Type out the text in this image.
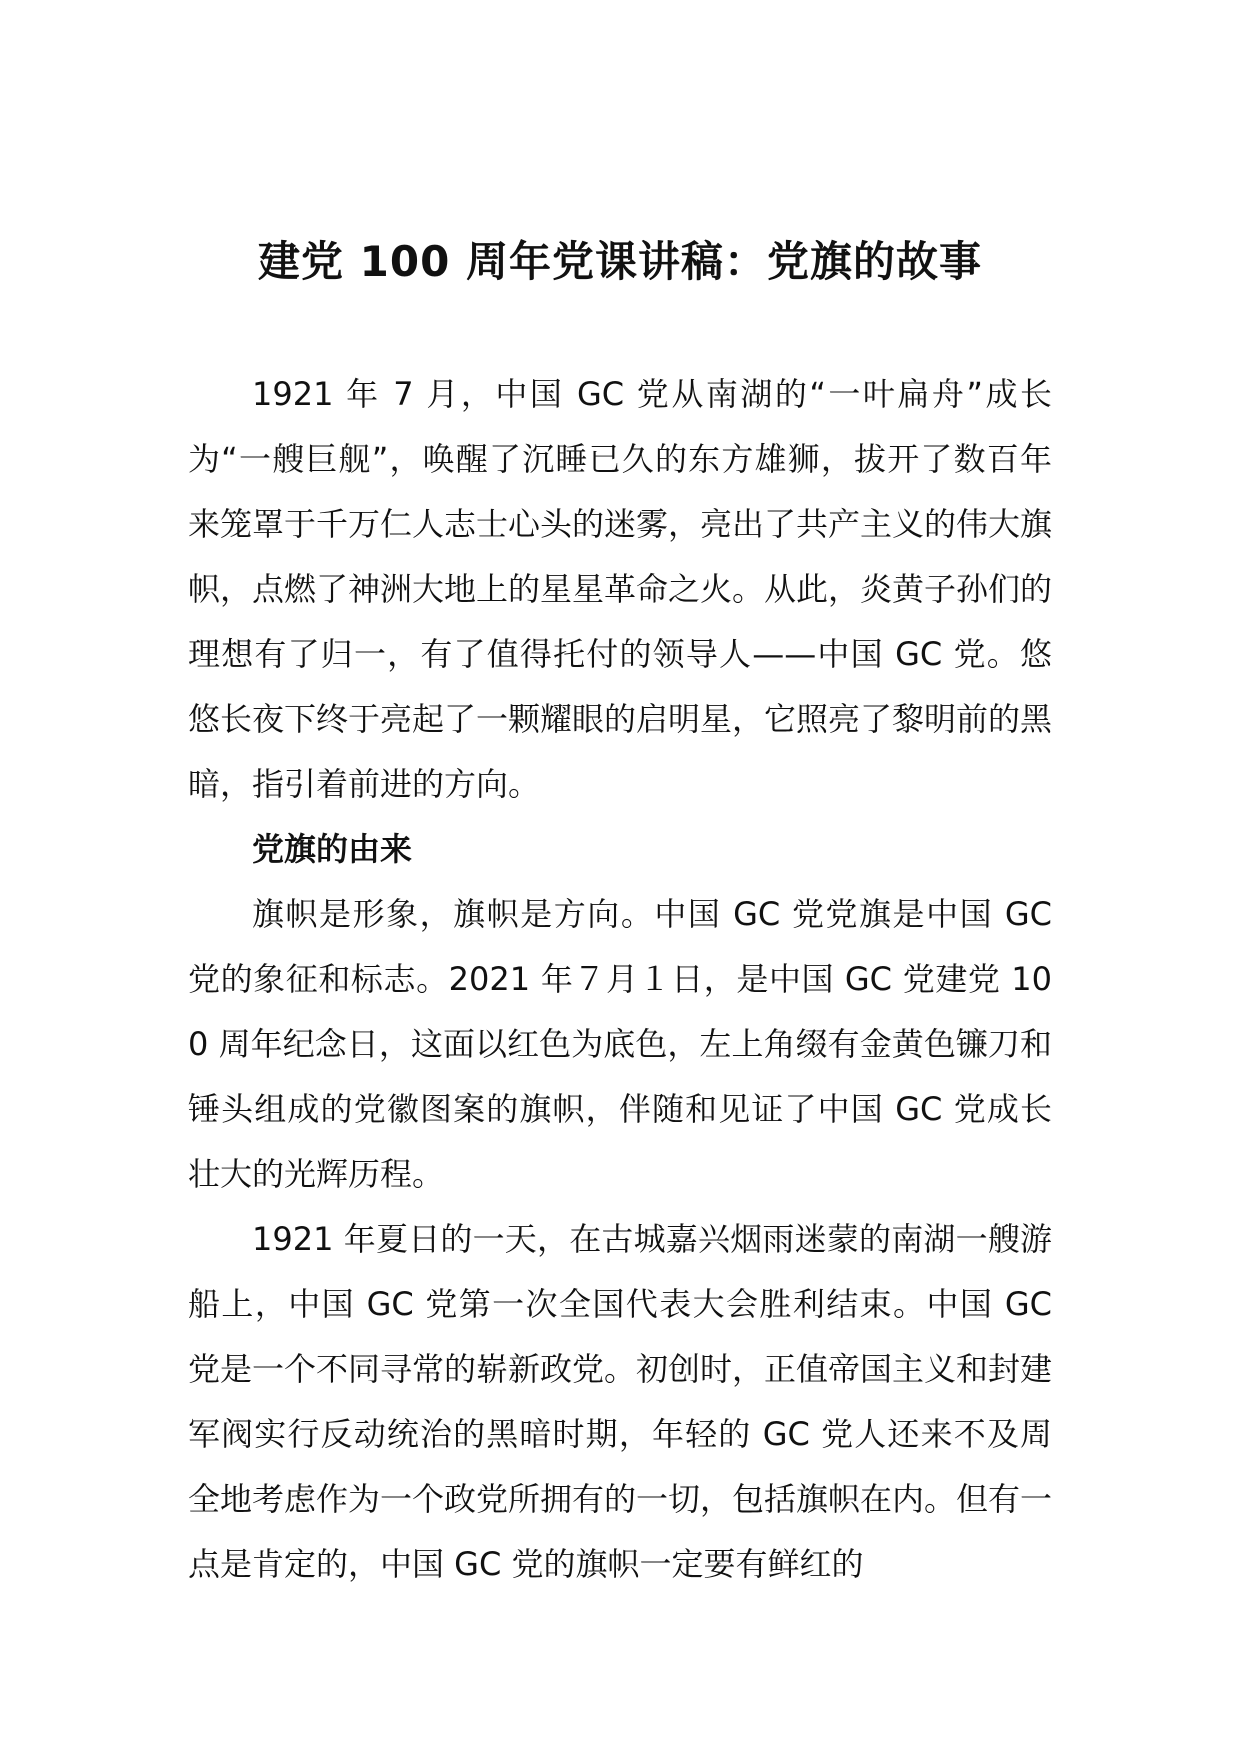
建党 100 周年党课讲稿：党旗的故事

1921 年 7 月，中国 GC 党从南湖的“一叶扁舟”成长为“一艘巨舰”，唤醒了沉睡已久的东方雄狮，拔开了数百年来笼罩于千万仁人志士心头的迷雾，亮出了共产主义的伟大旗帜，点燃了神洲大地上的星星革命之火。从此，炎黄子孙们的理想有了归一，有了值得托付的领导人——中国 GC 党。悠悠长夜下终于亮起了一颗耀眼的启明星，它照亮了黎明前的黑暗，指引着前进的方向。

党旗的由来

旗帜是形象，旗帜是方向。中国 GC 党党旗是中国 GC 党的象征和标志。2021 年７月１日，是中国 GC 党建党 100 周年纪念日，这面以红色为底色，左上角缀有金黄色镰刀和锤头组成的党徽图案的旗帜，伴随和见证了中国 GC 党成长壮大的光辉历程。

1921 年夏日的一天，在古城嘉兴烟雨迷蒙的南湖一艘游船上，中国 GC 党第一次全国代表大会胜利结束。中国 GC 党是一个不同寻常的崭新政党。初创时，正值帝国主义和封建军阀实行反动统治的黑暗时期，年轻的 GC 党人还来不及周全地考虑作为一个政党所拥有的一切，包括旗帜在内。但有一点是肯定的，中国 GC 党的旗帜一定要有鲜红的
